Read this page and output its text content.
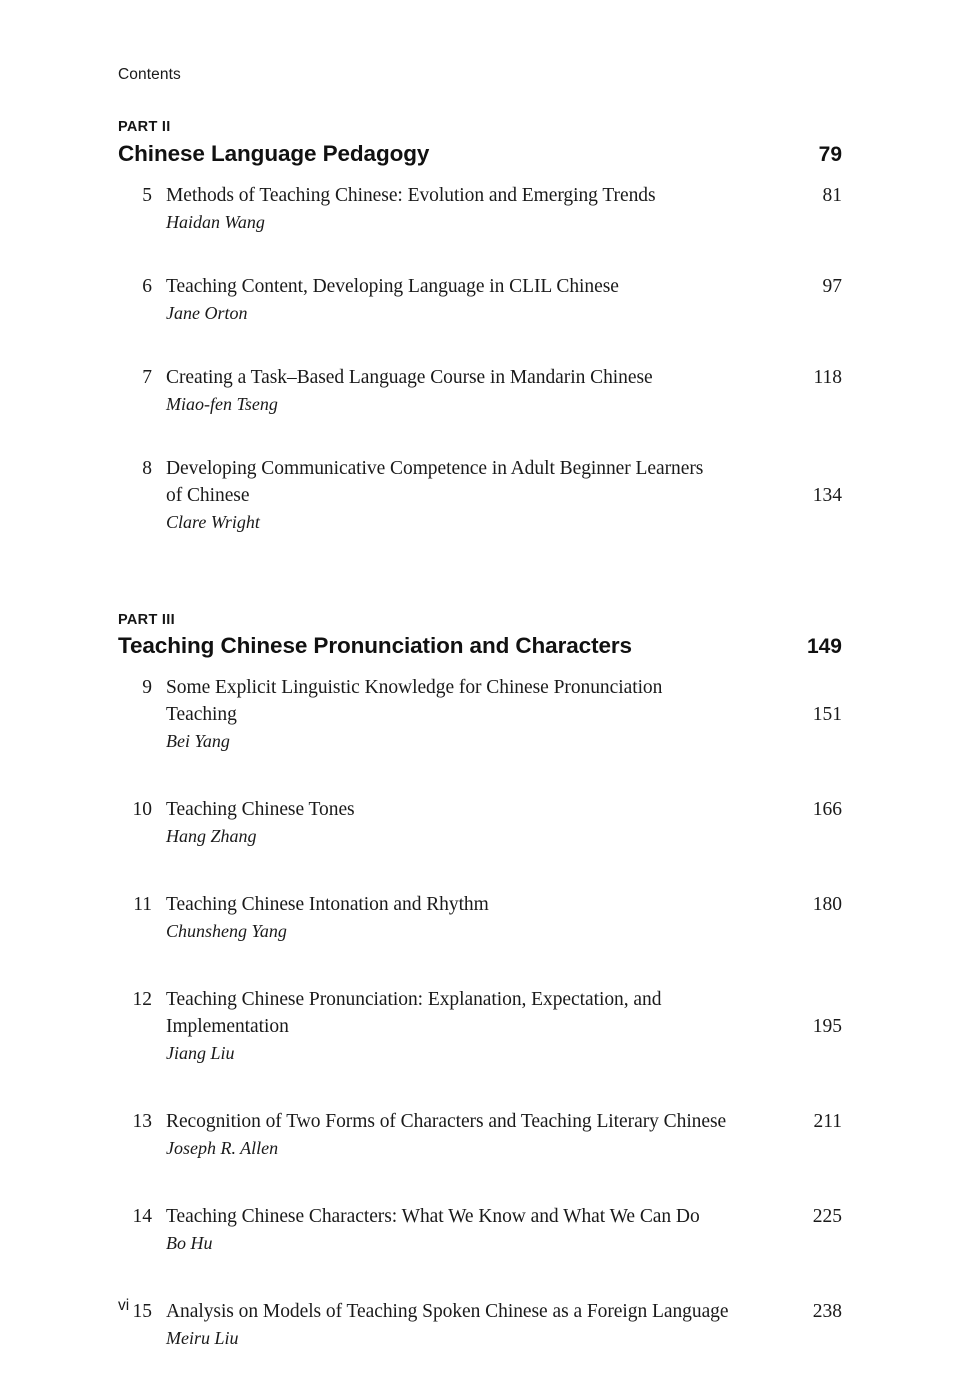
Contents
PART II
Chinese Language Pedagogy	79
5 Methods of Teaching Chinese: Evolution and Emerging Trends	81
Haidan Wang
6 Teaching Content, Developing Language in CLIL Chinese	97
Jane Orton
7 Creating a Task–Based Language Course in Mandarin Chinese	118
Miao-fen Tseng
8 Developing Communicative Competence in Adult Beginner Learners
of Chinese	134
Clare Wright
PART III
Teaching Chinese Pronunciation and Characters	149
9 Some Explicit Linguistic Knowledge for Chinese Pronunciation
Teaching	151
Bei Yang
10 Teaching Chinese Tones	166
Hang Zhang
11 Teaching Chinese Intonation and Rhythm	180
Chunsheng Yang
12 Teaching Chinese Pronunciation: Explanation, Expectation, and
Implementation	195
Jiang Liu
13 Recognition of Two Forms of Characters and Teaching Literary Chinese	211
Joseph R. Allen
14 Teaching Chinese Characters: What We Know and What We Can Do	225
Bo Hu
15 Analysis on Models of Teaching Spoken Chinese as a Foreign Language	238
Meiru Liu
vi
